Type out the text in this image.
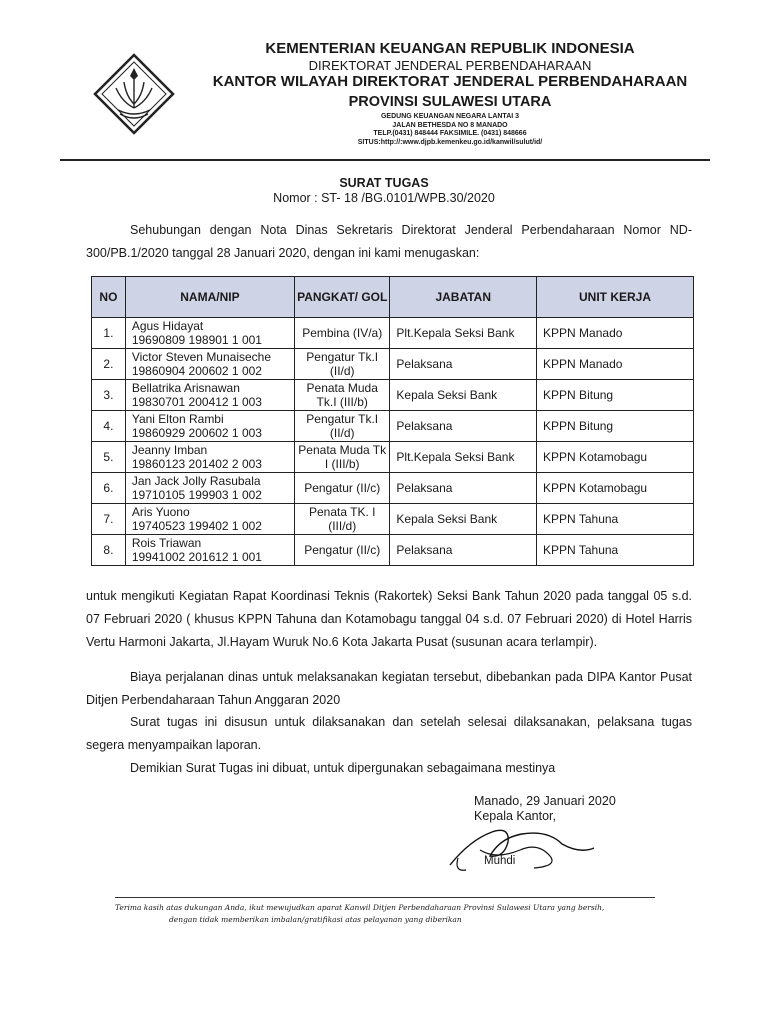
KEMENTERIAN KEUANGAN REPUBLIK INDONESIA
DIREKTORAT JENDERAL PERBENDAHARAAN
KANTOR WILAYAH DIREKTORAT JENDERAL PERBENDAHARAAN
PROVINSI SULAWESI UTARA
GEDUNG KEUANGAN NEGARA LANTAI 3
JALAN BETHESDA NO 8 MANADO
TELP.(0431) 848444 FAKSIMILE. (0431) 848666
SITUS:http://:www.djpb.kemenkeu.go.id/kanwil/sulut/id/
SURAT TUGAS
Nomor : ST- 18 /BG.0101/WPB.30/2020
Sehubungan dengan Nota Dinas Sekretaris Direktorat Jenderal Perbendaharaan Nomor ND-300/PB.1/2020 tanggal 28 Januari 2020, dengan ini kami menugaskan:
NO	NAMA/NIP	PANGKAT/ GOL	JABATAN	UNIT KERJA
1.	Agus Hidayat
19690809 198901 1 001	Pembina (IV/a)	Plt.Kepala Seksi Bank	KPPN Manado
2.	Victor Steven Munaiseche
19860904 200602 1 002	Pengatur Tk.I (II/d)	Pelaksana	KPPN Manado
3.	Bellatrika Arisnawan
19830701 200412 1 003	Penata Muda Tk.I (III/b)	Kepala Seksi Bank	KPPN Bitung
4.	Yani Elton Rambi
19860929 200602 1 003	Pengatur Tk.I (II/d)	Pelaksana	KPPN Bitung
5.	Jeanny Imban
19860123 201402 2 003	Penata Muda Tk I (III/b)	Plt.Kepala Seksi Bank	KPPN Kotamobagu
6.	Jan Jack Jolly Rasubala
19710105 199903 1 002	Pengatur (II/c)	Pelaksana	KPPN Kotamobagu
7.	Aris Yuono
19740523 199402 1 002	Penata TK. I (III/d)	Kepala Seksi Bank	KPPN Tahuna
8.	Rois Triawan
19941002 201612 1 001	Pengatur (II/c)	Pelaksana	KPPN Tahuna
untuk mengikuti Kegiatan Rapat Koordinasi Teknis (Rakortek) Seksi Bank Tahun 2020 pada tanggal 05 s.d. 07 Februari 2020 ( khusus KPPN Tahuna dan Kotamobagu tanggal 04 s.d. 07 Februari 2020) di Hotel Harris Vertu Harmoni Jakarta, Jl.Hayam Wuruk No.6 Kota Jakarta Pusat (susunan acara terlampir).
Biaya perjalanan dinas untuk melaksanakan kegiatan tersebut, dibebankan pada DIPA Kantor Pusat Ditjen Perbendaharaan Tahun Anggaran 2020
Surat tugas ini disusun untuk dilaksanakan dan setelah selesai dilaksanakan, pelaksana tugas segera menyampaikan laporan.
Demikian Surat Tugas ini dibuat, untuk dipergunakan sebagaimana mestinya
Manado, 29 Januari 2020
Kepala Kantor,
Muhdi
Terima kasih atas dukungan Anda, ikut mewujudkan aparat Kanwil Ditjen Perbendaharaan Provinsi Sulawesi Utara yang bersih,
dengan tidak memberikan imbalan/gratifikasi atas pelayanan yang diberikan
